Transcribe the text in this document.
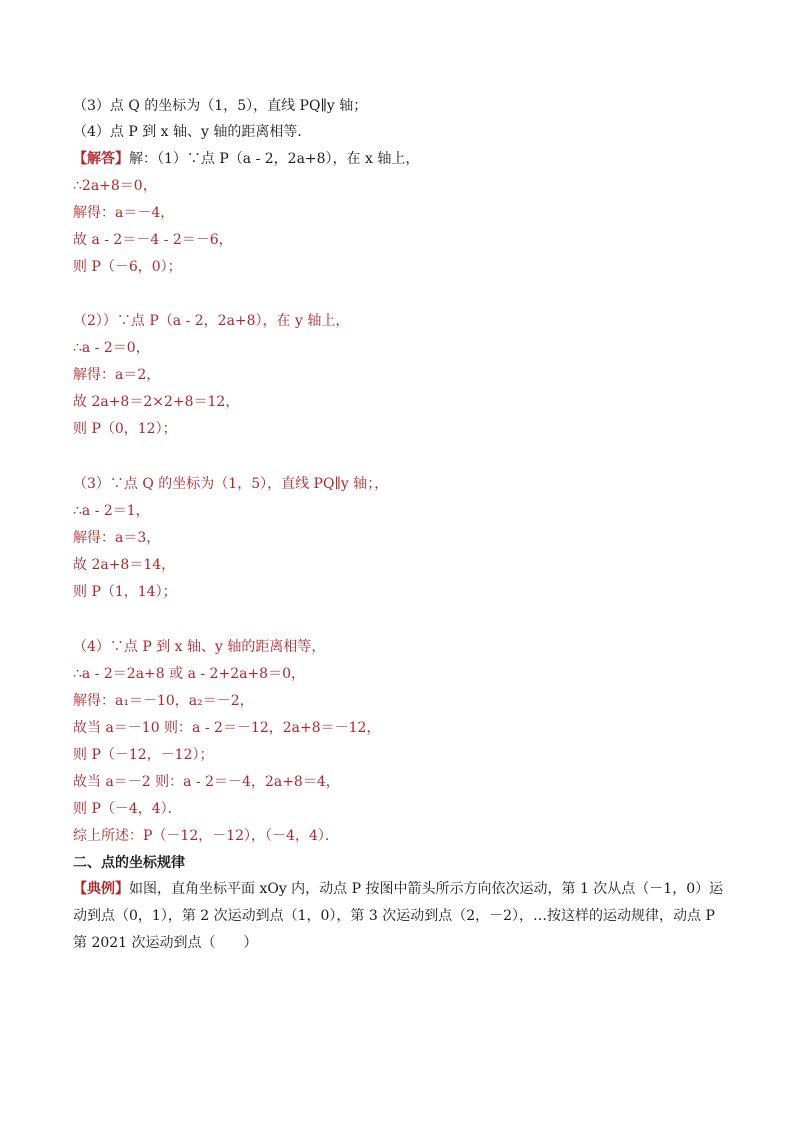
（3）点 Q 的坐标为（1，5），直线 PQ∥y 轴；
（4）点 P 到 x 轴、y 轴的距离相等．
【解答】解：（1）∵点 P（a - 2，2a+8），在 x 轴上，
∴2a+8＝0，
解得：a＝－4，
故 a - 2＝－4 - 2＝－6，
则 P（－6，0）；
（2））∵点 P（a - 2，2a+8），在 y 轴上，
∴a - 2＝0，
解得：a＝2，
故 2a+8＝2×2+8＝12，
则 P（0，12）；
（3）∵点 Q 的坐标为（1，5），直线 PQ∥y 轴；，
∴a - 2＝1，
解得：a＝3，
故 2a+8＝14，
则 P（1，14）；
（4）∵点 P 到 x 轴、y 轴的距离相等，
∴a - 2＝2a+8 或 a - 2+2a+8＝0，
解得：a₁＝－10，a₂＝－2，
故当 a＝－10 则：a - 2＝－12，2a+8＝－12，
则 P（－12，－12）；
故当 a＝－2 则：a - 2＝－4，2a+8＝4，
则 P（－4，4）．
综上所述：P（－12，－12），（－4，4）．
二、点的坐标规律
【典例】如图，直角坐标平面 xOy 内，动点 P 按图中箭头所示方向依次运动，第 1 次从点（－1，0）运动到点（0，1），第 2 次运动到点（1，0），第 3 次运动到点（2，－2），…按这样的运动规律，动点 P 第 2021 次运动到点（　　）
